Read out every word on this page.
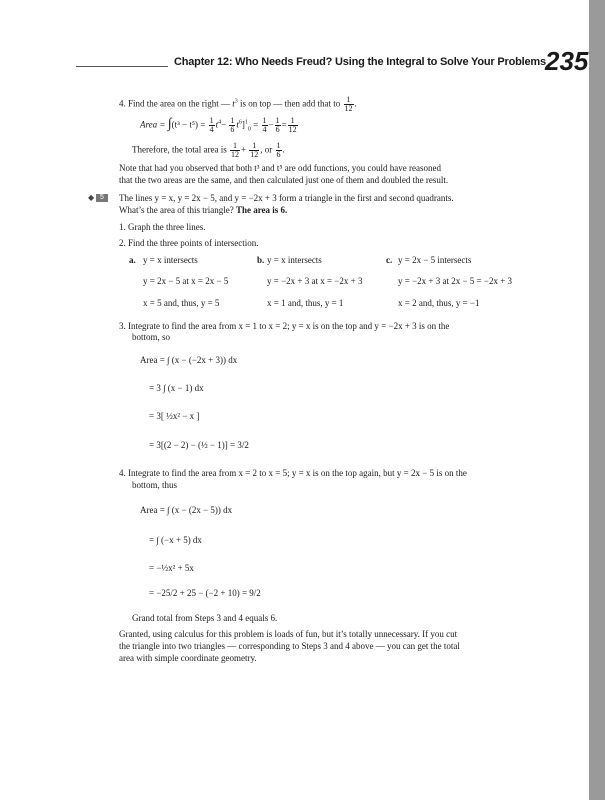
Chapter 12: Who Needs Freud? Using the Integral to Solve Your Problems 235
4. Find the area on the right — $t^3$ is on top — then add that to $\frac{1}{12}$ .
Area = $\int(t^3 - t^5) = \frac{1}{4} t^4- \frac{1}{6} t^6]^1_0 = \frac{1}{4} - \frac{1}{6} = \frac{1}{12}$
Therefore, the total area is $\frac{1}{12} + \frac{1}{12}$ , or $\frac{1}{6}$ .
Note that had you observed that both t³ and t⁵ are odd functions, you could have reasoned
that the two areas are the same, and then calculated just one of them and doubled the result.
◆ 5	The lines y = x, y = 2x − 5, and y = −2x + 3 form a triangle in the first and second quadrants.
What’s the area of this triangle? The area is 6.
1. Graph the three lines.
2. Find the three points of intersection.
a. y = x intersects
y = 2x − 5 at x = 2x − 5
x = 5 and, thus, y = 5
b. y = x intersects
y = −2x + 3 at x = −2x + 3
x = 1 and, thus, y = 1
c. y = 2x − 5 intersects
y = −2x + 3 at 2x − 5 = −2x + 3
x = 2 and, thus, y = −1
3. Integrate to find the area from x = 1 to x = 2; y = x is on the top and y = −2x + 3 is on the
bottom, so
Area = ∫ (x − (−2x + 3)) dx
= 3 ∫ (x − 1) dx
= 3[ ½x² − x ]
= 3[(2 − 2) − (½ − 1)] = 3/2
4. Integrate to find the area from x = 2 to x = 5; y = x is on the top again, but y = 2x − 5 is on the
bottom, thus
Area = ∫ (x − (2x − 5)) dx
= ∫ (−x + 5) dx
= −½x² + 5x
= −25/2 + 25 − (−2 + 10) = 9/2
Grand total from Steps 3 and 4 equals 6.
Granted, using calculus for this problem is loads of fun, but it’s totally unnecessary. If you cut
the triangle into two triangles — corresponding to Steps 3 and 4 above — you can get the total
area with simple coordinate geometry.
